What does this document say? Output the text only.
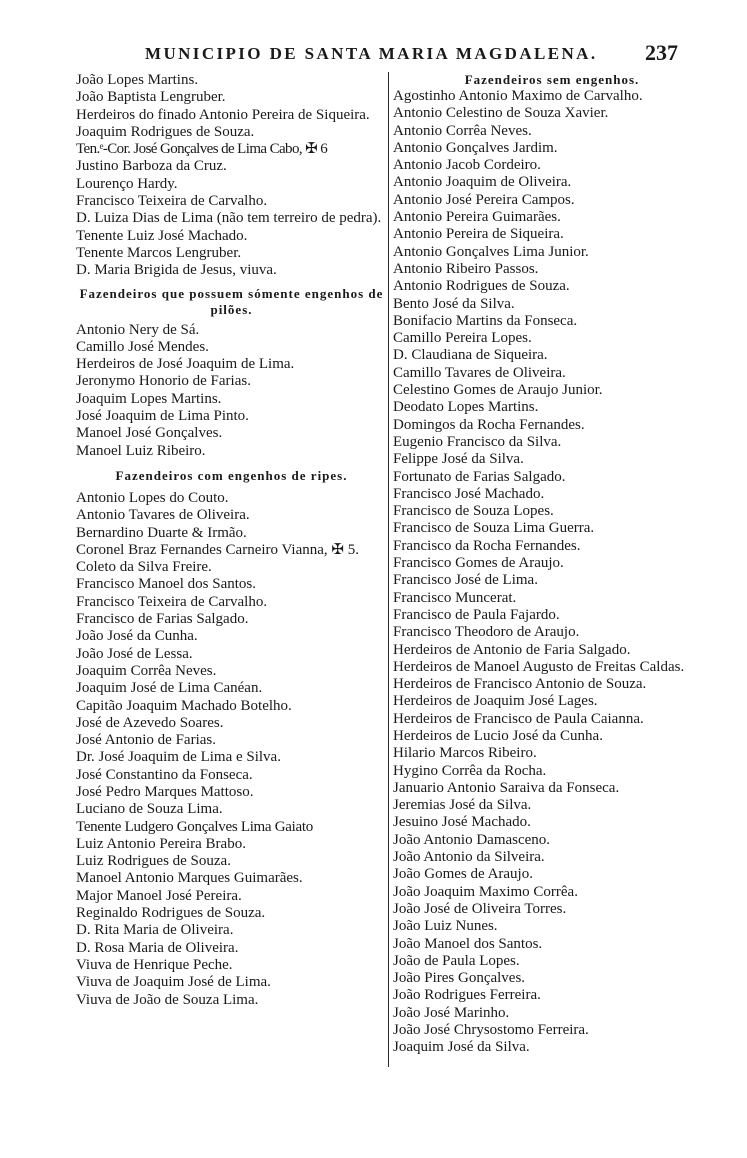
MUNICIPIO DE SANTA MARIA MAGDALENA. 237
João Lopes Martins.
João Baptista Lengruber.
Herdeiros do finado Antonio Pereira de Siqueira.
Joaquim Rodrigues de Souza.
Ten.ᵉ-Cor. José Gonçalves de Lima Cabo, ✠ 6
Justino Barboza da Cruz.
Lourenço Hardy.
Francisco Teixeira de Carvalho.
D. Luiza Dias de Lima (não tem terreiro de pedra).
Tenente Luiz José Machado.
Tenente Marcos Lengruber.
D. Maria Brigida de Jesus, viuva.
Fazendeiros que possuem sómente engenhos de pilões.
Antonio Nery de Sá.
Camillo José Mendes.
Herdeiros de José Joaquim de Lima.
Jeronymo Honorio de Farias.
Joaquim Lopes Martins.
José Joaquim de Lima Pinto.
Manoel José Gonçalves.
Manoel Luiz Ribeiro.
Fazendeiros com engenhos de ripes.
Antonio Lopes do Couto.
Antonio Tavares de Oliveira.
Bernardino Duarte & Irmão.
Coronel Braz Fernandes Carneiro Vianna, ✠ 5.
Coleto da Silva Freire.
Francisco Manoel dos Santos.
Francisco Teixeira de Carvalho.
Francisco de Farias Salgado.
João José da Cunha.
João José de Lessa.
Joaquim Corrêa Neves.
Joaquim José de Lima Canéan.
Capitão Joaquim Machado Botelho.
José de Azevedo Soares.
José Antonio de Farias.
Dr. José Joaquim de Lima e Silva.
José Constantino da Fonseca.
José Pedro Marques Mattoso.
Luciano de Souza Lima.
Tenente Ludgero Gonçalves Lima Gaiato
Luiz Antonio Pereira Brabo.
Luiz Rodrigues de Souza.
Manoel Antonio Marques Guimarães.
Major Manoel José Pereira.
Reginaldo Rodrigues de Souza.
D. Rita Maria de Oliveira.
D. Rosa Maria de Oliveira.
Viuva de Henrique Peche.
Viuva de Joaquim José de Lima.
Viuva de João de Souza Lima.
Fazendeiros sem engenhos.
Agostinho Antonio Maximo de Carvalho.
Antonio Celestino de Souza Xavier.
Antonio Corrêa Neves.
Antonio Gonçalves Jardim.
Antonio Jacob Cordeiro.
Antonio Joaquim de Oliveira.
Antonio José Pereira Campos.
Antonio Pereira Guimarães.
Antonio Pereira de Siqueira.
Antonio Gonçalves Lima Junior.
Antonio Ribeiro Passos.
Antonio Rodrigues de Souza.
Bento José da Silva.
Bonifacio Martins da Fonseca.
Camillo Pereira Lopes.
D. Claudiana de Siqueira.
Camillo Tavares de Oliveira.
Celestino Gomes de Araujo Junior.
Deodato Lopes Martins.
Domingos da Rocha Fernandes.
Eugenio Francisco da Silva.
Felippe José da Silva.
Fortunato de Farias Salgado.
Francisco José Machado.
Francisco de Souza Lopes.
Francisco de Souza Lima Guerra.
Francisco da Rocha Fernandes.
Francisco Gomes de Araujo.
Francisco José de Lima.
Francisco Muncerat.
Francisco de Paula Fajardo.
Francisco Theodoro de Araujo.
Herdeiros de Antonio de Faria Salgado.
Herdeiros de Manoel Augusto de Freitas Caldas.
Herdeiros de Francisco Antonio de Souza.
Herdeiros de Joaquim José Lages.
Herdeiros de Francisco de Paula Caianna.
Herdeiros de Lucio José da Cunha.
Hilario Marcos Ribeiro.
Hygino Corrêa da Rocha.
Januario Antonio Saraiva da Fonseca.
Jeremias José da Silva.
Jesuino José Machado.
João Antonio Damasceno.
João Antonio da Silveira.
João Gomes de Araujo.
João Joaquim Maximo Corrêa.
João José de Oliveira Torres.
João Luiz Nunes.
João Manoel dos Santos.
João de Paula Lopes.
João Pires Gonçalves.
João Rodrigues Ferreira.
João José Marinho.
João José Chrysostomo Ferreira.
Joaquim José da Silva.
